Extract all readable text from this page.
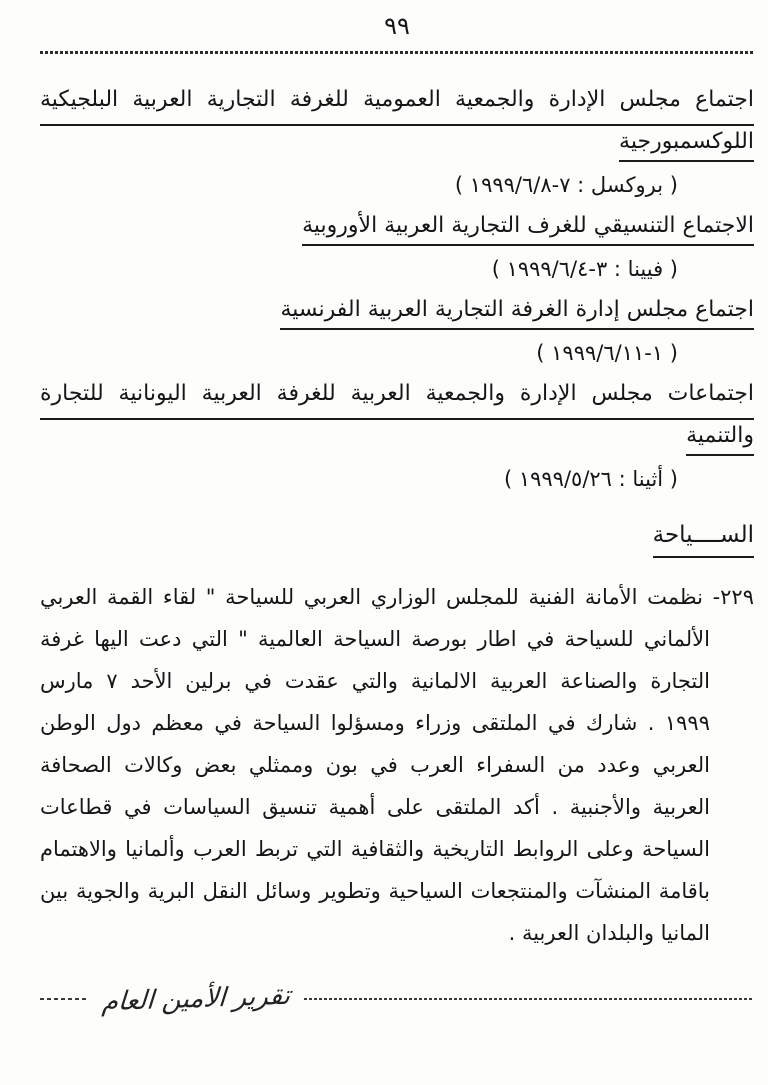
٩٩
اجتماع مجلس الإدارة والجمعية العمومية للغرفة التجارية العربية البلجيكية
اللوكسمبورجية
( بروكسل : ٧-١٩٩٩/٦/٨ )
الاجتماع التنسيقي للغرف التجارية العربية الأوروبية
( فيينا : ٣-١٩٩٩/٦/٤ )
اجتماع مجلس إدارة الغرفة التجارية العربية الفرنسية
( ١-١٩٩٩/٦/١١ )
اجتماعات مجلس الإدارة والجمعية العربية للغرفة العربية اليونانية للتجارة
والتنمية
( أثينا : ١٩٩٩/٥/٢٦ )
الســــياحة
٢٢٩- نظمت الأمانة الفنية للمجلس الوزاري العربي للسياحة " لقاء القمة العربي
الألماني للسياحة في اطار بورصة السياحة العالمية " التي دعت اليها غرفة
التجارة والصناعة العربية الالمانية والتي عقدت في برلين الأحد ٧ مارس
١٩٩٩ . شارك في الملتقى وزراء ومسؤلوا السياحة في معظم دول الوطن
العربي وعدد من السفراء العرب في بون وممثلي بعض وكالات الصحافة
العربية والأجنبية . أكد الملتقى على أهمية تنسيق السياسات في قطاعات
السياحة وعلى الروابط التاريخية والثقافية التي تربط العرب وألمانيا والاهتمام
باقامة المنشآت والمنتجعات السياحية وتطوير وسائل النقل البرية والجوية بين
المانيا والبلدان العربية .
تقرير الأمين العام
